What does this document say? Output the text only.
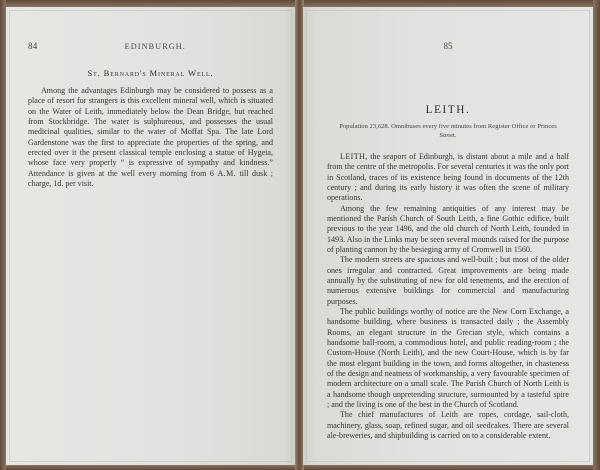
84	EDINBURGH.
St. Bernard's Mineral Well.

Among the advantages Edinburgh may be considered to possess as a place of resort for strangers is this excellent mineral well, which is situated on the Water of Leith, immediately below the Dean Bridge, but reached from Stockbridge. The water is sulphureous, and possesses the usual medicinal qualities, similar to the water of Moffat Spa. The late Lord Gardenstone was the first to appreciate the properties of the spring, and erected over it the present classical temple enclosing a statue of Hygeia, whose face very properly “ is expressive of sympathy and kindness.” Attendance is given at the well every morning from 6 A.M. till dusk ; charge, 1d. per visit.

85
LEITH.
Population 23,628. Omnibuses every five minutes from Register Office or Princes Street.

LEITH, the seaport of Edinburgh, is distant about a mile and a half from the centre of the metropolis. For several centuries it was the only port in Scotland, traces of its existence being found in documents of the 12th century ; and during its early history it was often the scene of military operations.

Among the few remaining antiquities of any interest may be mentioned the Parish Church of South Leith, a fine Gothic edifice, built previous to the year 1496, and the old church of North Leith, founded in 1493. Also in the Links may be seen several mounds raised for the purpose of planting cannon by the besieging army of Cromwell in 1560.

The modern streets are spacious and well-built ; but most of the older ones irregular and contracted. Great improvements are being made annually by the substituting of new for old tenements, and the erection of numerous extensive buildings for commercial and manufacturing purposes.

The public buildings worthy of notice are the New Corn Exchange, a handsome building, where business is transacted daily ; the Assembly Rooms, an elegant structure in the Grecian style, which contains a handsome ball-room, a commodious hotel, and public reading-room ; the Custom-House (North Leith), and the new Court-House, which is by far the most elegant building in the town, and forms altogether, in chasteness of the design and neatness of workmanship, a very favourable specimen of modern architecture on a small scale. The Parish Church of North Leith is a handsome though unpretending structure, surmounted by a tasteful spire ; and the living is one of the best in the Church of Scotland.

The chief manufactures of Leith are ropes, cordage, sail-cloth, machinery, glass, soap, refined sugar, and oil seedcakes. There are several ale-breweries, and shipbuilding is carried on to a considerable extent.
